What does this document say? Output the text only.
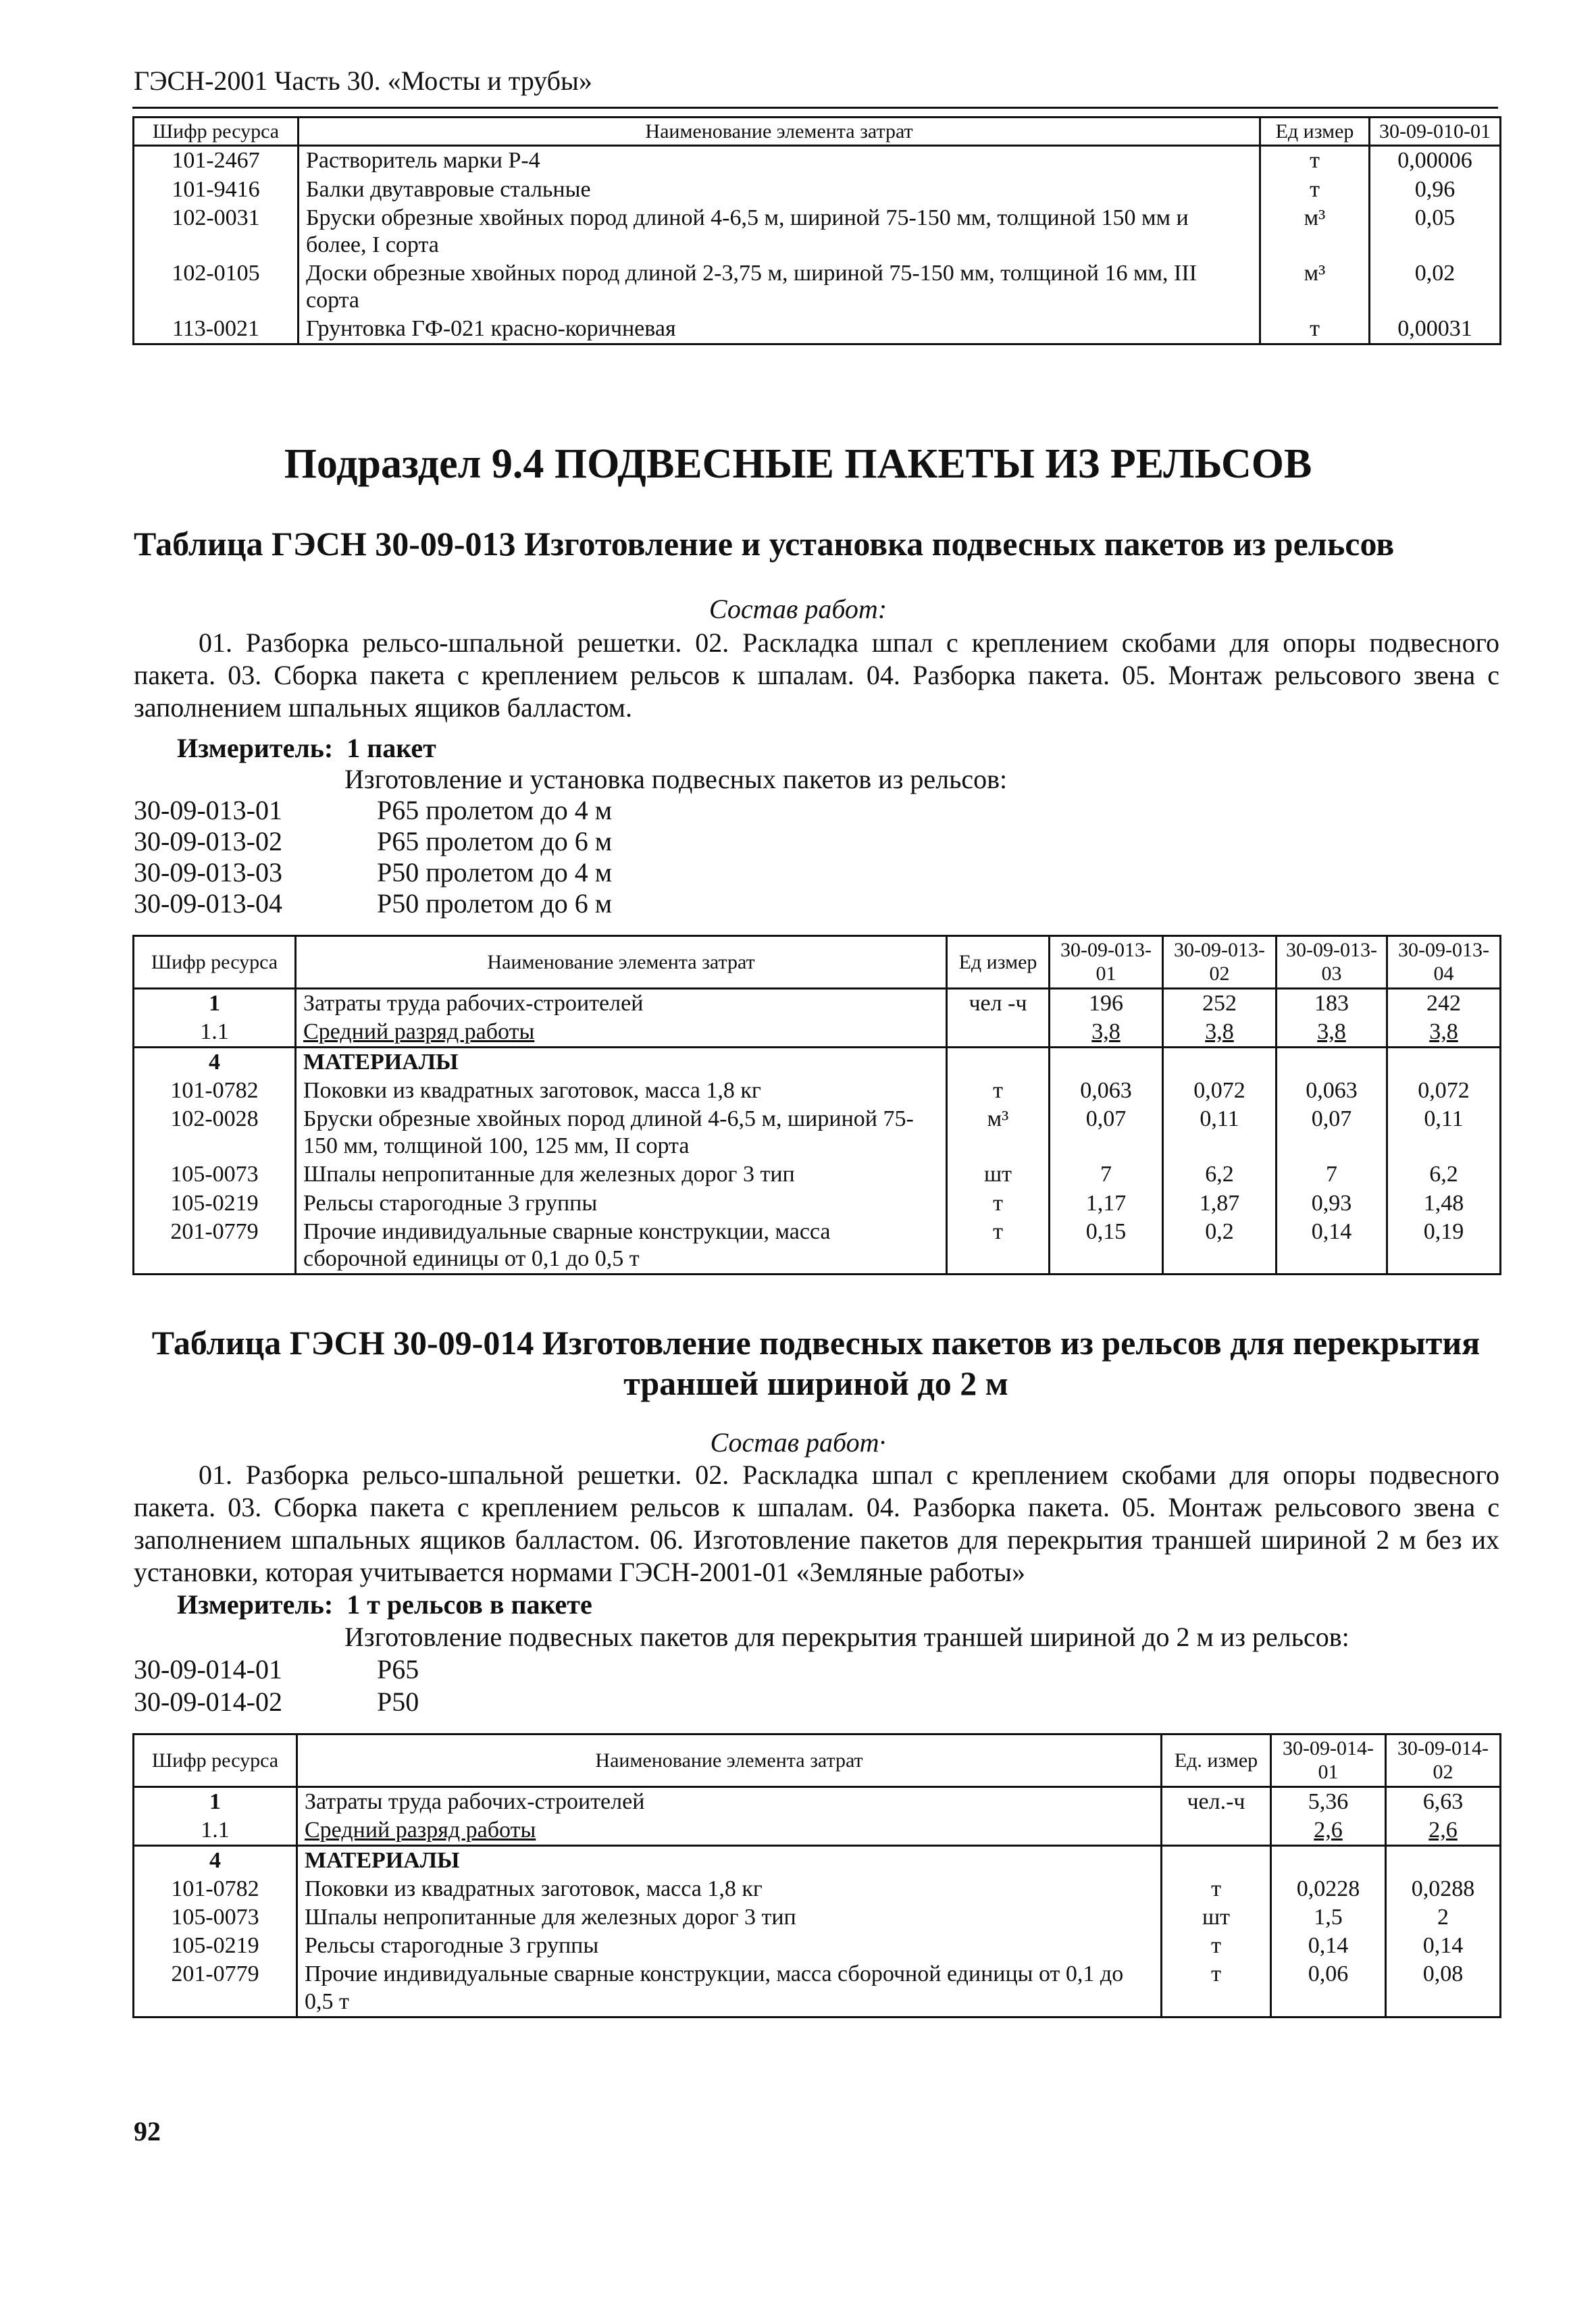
ГЭСН-2001 Часть 30. «Мосты и трубы»
Шифр ресурса	Наименование элемента затрат	Ед измер	30-09-010-01
101-2467	Растворитель марки Р-4	т	0,00006
101-9416	Балки двутавровые стальные	т	0,96
102-0031	Бруски обрезные хвойных пород длиной 4-6,5 м, шириной 75-150 мм, толщиной 150 мм и более, I сорта	м³	0,05
102-0105	Доски обрезные хвойных пород длиной 2-3,75 м, шириной 75-150 мм, толщиной 16 мм, III сорта	м³	0,02
113-0021	Грунтовка ГФ-021 красно-коричневая	т	0,00031
Подраздел 9.4 ПОДВЕСНЫЕ ПАКЕТЫ ИЗ РЕЛЬСОВ
Таблица ГЭСН 30-09-013 Изготовление и установка подвесных пакетов из рельсов
Состав работ:
01. Разборка рельсо-шпальной решетки. 02. Раскладка шпал с креплением скобами для опоры подвесного пакета. 03. Сборка пакета с креплением рельсов к шпалам. 04. Разборка пакета. 05. Монтаж рельсового звена с заполнением шпальных ящиков балластом.
Измеритель: 1 пакет
Изготовление и установка подвесных пакетов из рельсов:
30-09-013-01	Р65 пролетом до 4 м
30-09-013-02	Р65 пролетом до 6 м
30-09-013-03	Р50 пролетом до 4 м
30-09-013-04	Р50 пролетом до 6 м
Шифр ресурса	Наименование элемента затрат	Ед измер	30-09-013-01	30-09-013-02	30-09-013-03	30-09-013-04
1	Затраты труда рабочих-строителей	чел -ч	196	252	183	242
1.1	Средний разряд работы		3,8	3,8	3,8	3,8
4	МАТЕРИАЛЫ					
101-0782	Поковки из квадратных заготовок, масса 1,8 кг	т	0,063	0,072	0,063	0,072
102-0028	Бруски обрезные хвойных пород длиной 4-6,5 м, шириной 75-150 мм, толщиной 100, 125 мм, II сорта	м³	0,07	0,11	0,07	0,11
105-0073	Шпалы непропитанные для железных дорог 3 тип	шт	7	6,2	7	6,2
105-0219	Рельсы старогодные 3 группы	т	1,17	1,87	0,93	1,48
201-0779	Прочие индивидуальные сварные конструкции, масса сборочной единицы от 0,1 до 0,5 т	т	0,15	0,2	0,14	0,19
Таблица ГЭСН 30-09-014 Изготовление подвесных пакетов из рельсов для перекрытия траншей шириной до 2 м
Состав работ·
01. Разборка рельсо-шпальной решетки. 02. Раскладка шпал с креплением скобами для опоры подвесного пакета. 03. Сборка пакета с креплением рельсов к шпалам. 04. Разборка пакета. 05. Монтаж рельсового звена с заполнением шпальных ящиков балластом. 06. Изготовление пакетов для перекрытия траншей шириной 2 м без их установки, которая учитывается нормами ГЭСН-2001-01 «Земляные работы»
Измеритель: 1 т рельсов в пакете
Изготовление подвесных пакетов для перекрытия траншей шириной до 2 м из рельсов:
30-09-014-01	Р65
30-09-014-02	Р50
Шифр ресурса	Наименование элемента затрат	Ед. измер	30-09-014-01	30-09-014-02
1	Затраты труда рабочих-строителей	чел.-ч	5,36	6,63
1.1	Средний разряд работы		2,6	2,6
4	МАТЕРИАЛЫ			
101-0782	Поковки из квадратных заготовок, масса 1,8 кг	т	0,0228	0,0288
105-0073	Шпалы непропитанные для железных дорог 3 тип	шт	1,5	2
105-0219	Рельсы старогодные 3 группы	т	0,14	0,14
201-0779	Прочие индивидуальные сварные конструкции, масса сборочной единицы от 0,1 до 0,5 т	т	0,06	0,08
92
